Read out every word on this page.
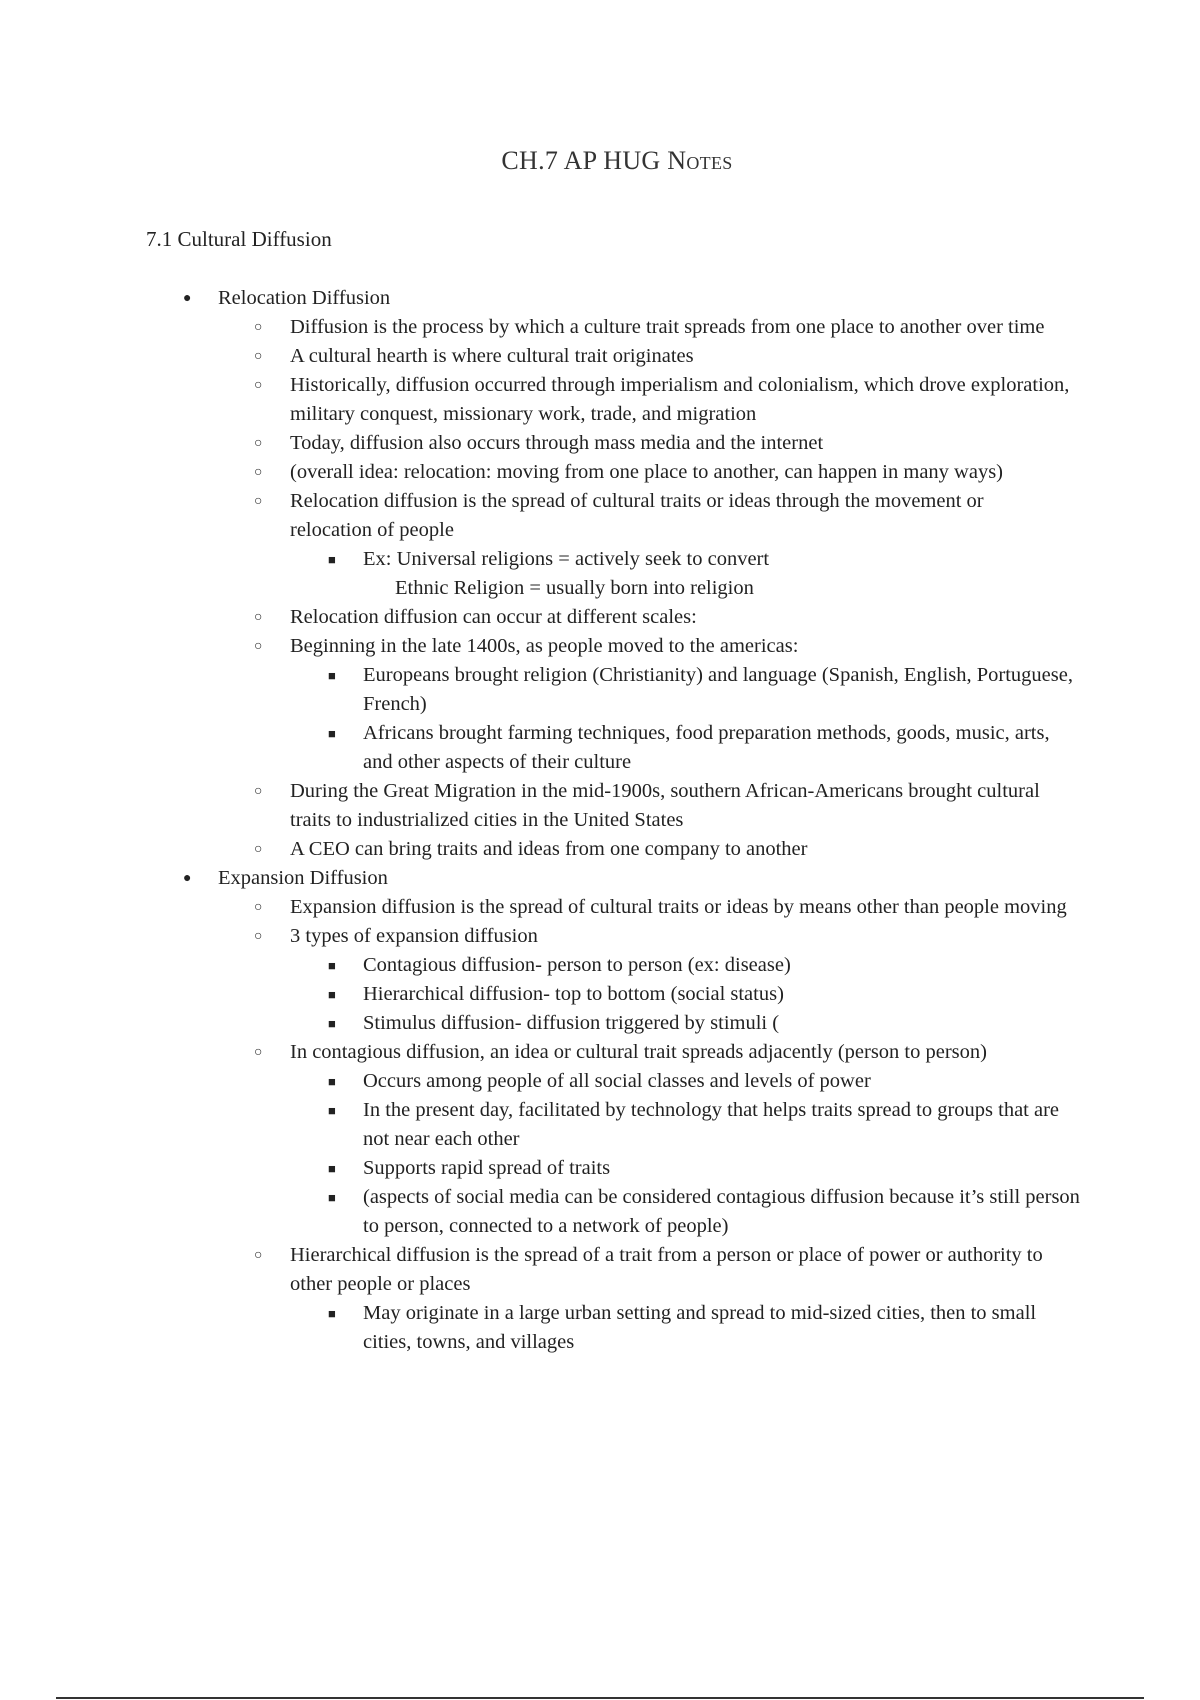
CH.7 AP HUG Notes
7.1 Cultural Diffusion
● Relocation Diffusion
○ Diffusion is the process by which a culture trait spreads from one place to another over time
○ A cultural hearth is where cultural trait originates
○ Historically, diffusion occurred through imperialism and colonialism, which drove exploration, military conquest, missionary work, trade, and migration
○ Today, diffusion also occurs through mass media and the internet
○ (overall idea: relocation: moving from one place to another, can happen in many ways)
○ Relocation diffusion is the spread of cultural traits or ideas through the movement or relocation of people
■ Ex: Universal religions = actively seek to convert
Ethnic Religion = usually born into religion
○ Relocation diffusion can occur at different scales:
○ Beginning in the late 1400s, as people moved to the americas:
■ Europeans brought religion (Christianity) and language (Spanish, English, Portuguese, French)
■ Africans brought farming techniques, food preparation methods, goods, music, arts, and other aspects of their culture
○ During the Great Migration in the mid-1900s, southern African-Americans brought cultural traits to industrialized cities in the United States
○ A CEO can bring traits and ideas from one company to another
● Expansion Diffusion
○ Expansion diffusion is the spread of cultural traits or ideas by means other than people moving
○ 3 types of expansion diffusion
■ Contagious diffusion- person to person (ex: disease)
■ Hierarchical diffusion- top to bottom (social status)
■ Stimulus diffusion- diffusion triggered by stimuli (
○ In contagious diffusion, an idea or cultural trait spreads adjacently (person to person)
■ Occurs among people of all social classes and levels of power
■ In the present day, facilitated by technology that helps traits spread to groups that are not near each other
■ Supports rapid spread of traits
■ (aspects of social media can be considered contagious diffusion because it’s still person to person, connected to a network of people)
○ Hierarchical diffusion is the spread of a trait from a person or place of power or authority to other people or places
■ May originate in a large urban setting and spread to mid-sized cities, then to small cities, towns, and villages
